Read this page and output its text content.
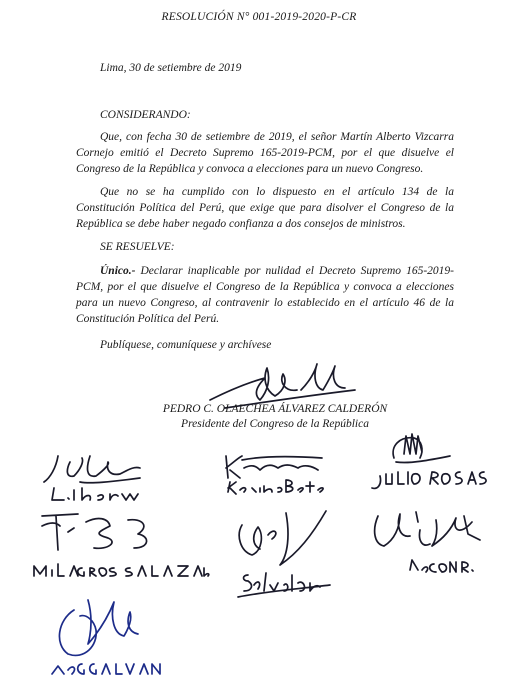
RESOLUCIÓN N° 001-2019-2020-P-CR
Lima, 30 de setiembre de 2019
CONSIDERANDO:

Que, con fecha 30 de setiembre de 2019, el señor Martín Alberto Vizcarra Cornejo emitió el Decreto Supremo 165-2019-PCM, por el que disuelve el Congreso de la República y convoca a elecciones para un nuevo Congreso.

Que no se ha cumplido con lo dispuesto en el artículo 134 de la Constitución Política del Perú, que exige que para disolver el Congreso de la República se debe haber negado confianza a dos consejos de ministros.

SE RESUELVE:

Único.- Declarar inaplicable por nulidad el Decreto Supremo 165-2019-PCM, por el que disuelve el Congreso de la República y convoca a elecciones para un nuevo Congreso, al contravenir lo establecido en el artículo 46 de la Constitución Política del Perú.

Publíquese, comuníquese y archívese
PEDRO C. OLAECHEA ÁLVAREZ CALDERÓN
Presidente del Congreso de la República
